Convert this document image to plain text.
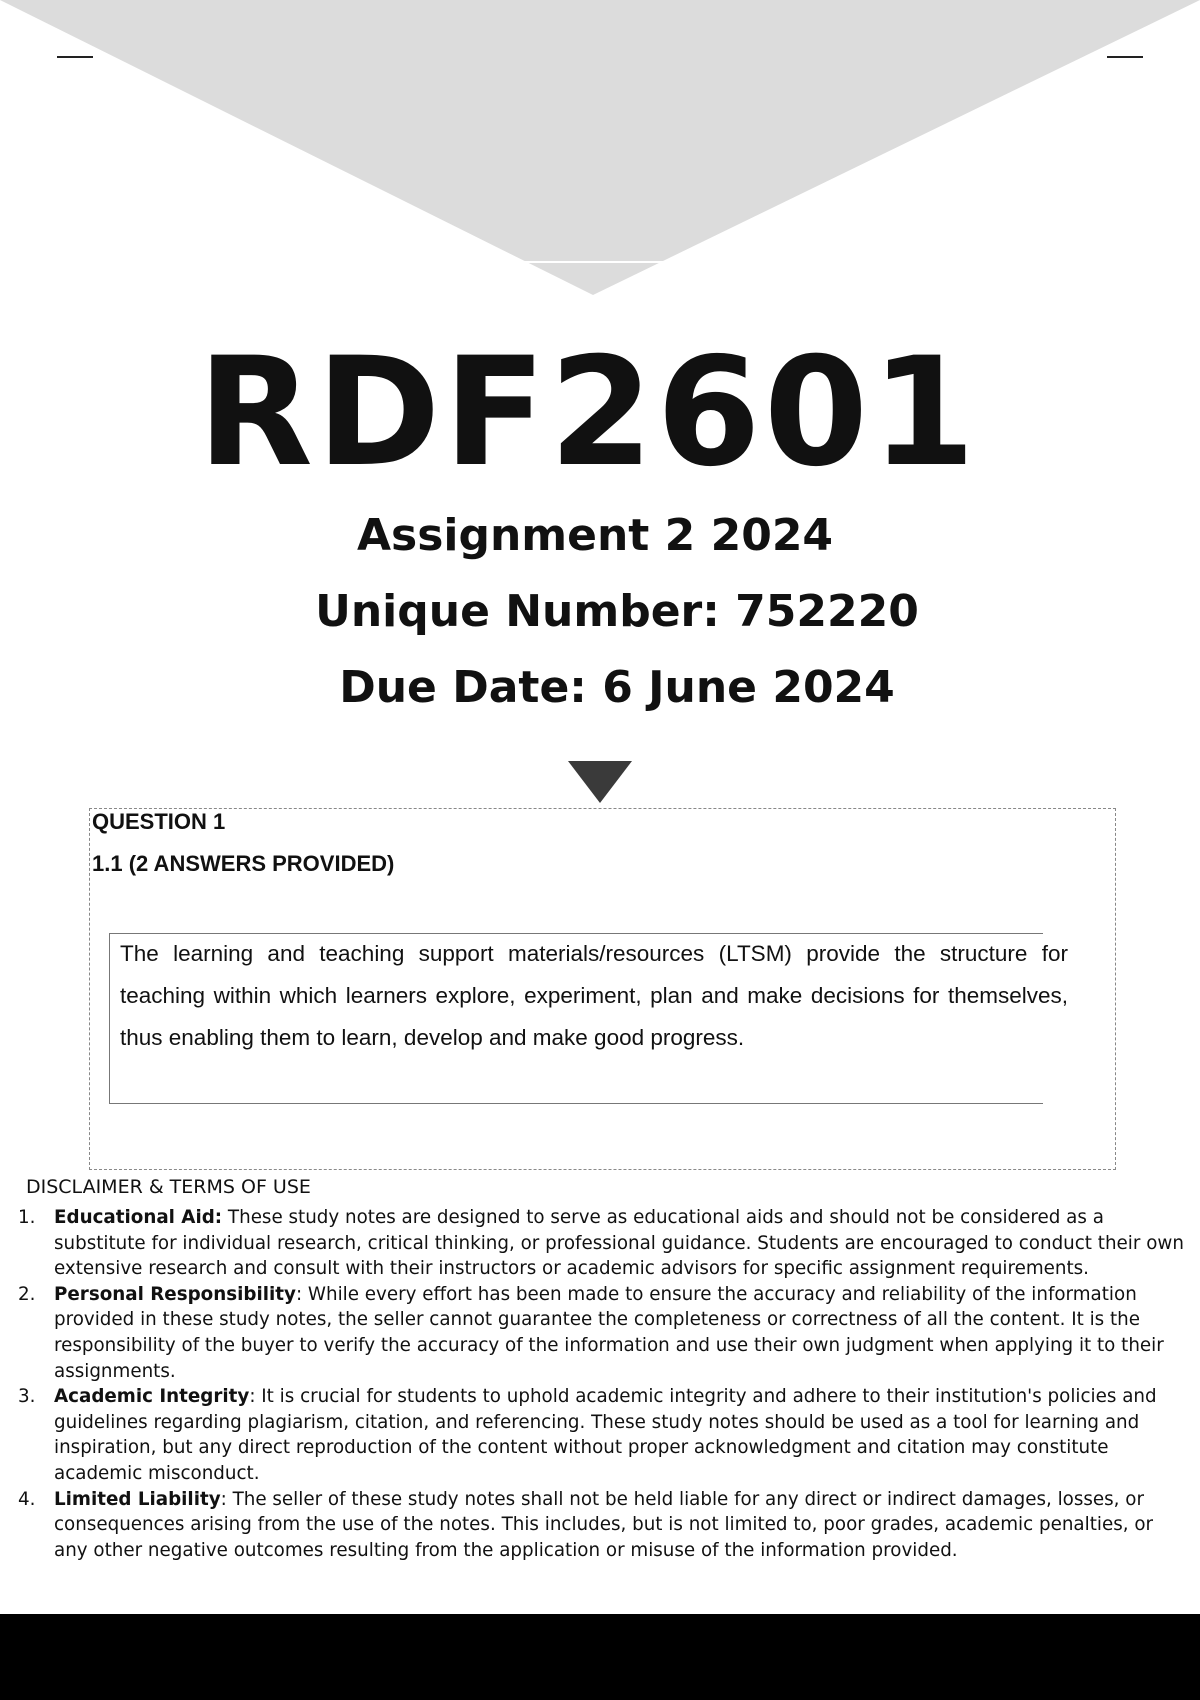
RDF2601
Assignment 2 2024
Unique Number: 752220
Due Date: 6 June 2024
QUESTION 1
1.1 (2 ANSWERS PROVIDED)
The learning and teaching support materials/resources (LTSM) provide the structure for teaching within which learners explore, experiment, plan and make decisions for themselves, thus enabling them to learn, develop and make good progress.
DISCLAIMER & TERMS OF USE
1. Educational Aid: These study notes are designed to serve as educational aids and should not be considered as a substitute for individual research, critical thinking, or professional guidance. Students are encouraged to conduct their own extensive research and consult with their instructors or academic advisors for specific assignment requirements.
2. Personal Responsibility: While every effort has been made to ensure the accuracy and reliability of the information provided in these study notes, the seller cannot guarantee the completeness or correctness of all the content. It is the responsibility of the buyer to verify the accuracy of the information and use their own judgment when applying it to their assignments.
3. Academic Integrity: It is crucial for students to uphold academic integrity and adhere to their institution's policies and guidelines regarding plagiarism, citation, and referencing. These study notes should be used as a tool for learning and inspiration, but any direct reproduction of the content without proper acknowledgment and citation may constitute academic misconduct.
4. Limited Liability: The seller of these study notes shall not be held liable for any direct or indirect damages, losses, or consequences arising from the use of the notes. This includes, but is not limited to, poor grades, academic penalties, or any other negative outcomes resulting from the application or misuse of the information provided.
